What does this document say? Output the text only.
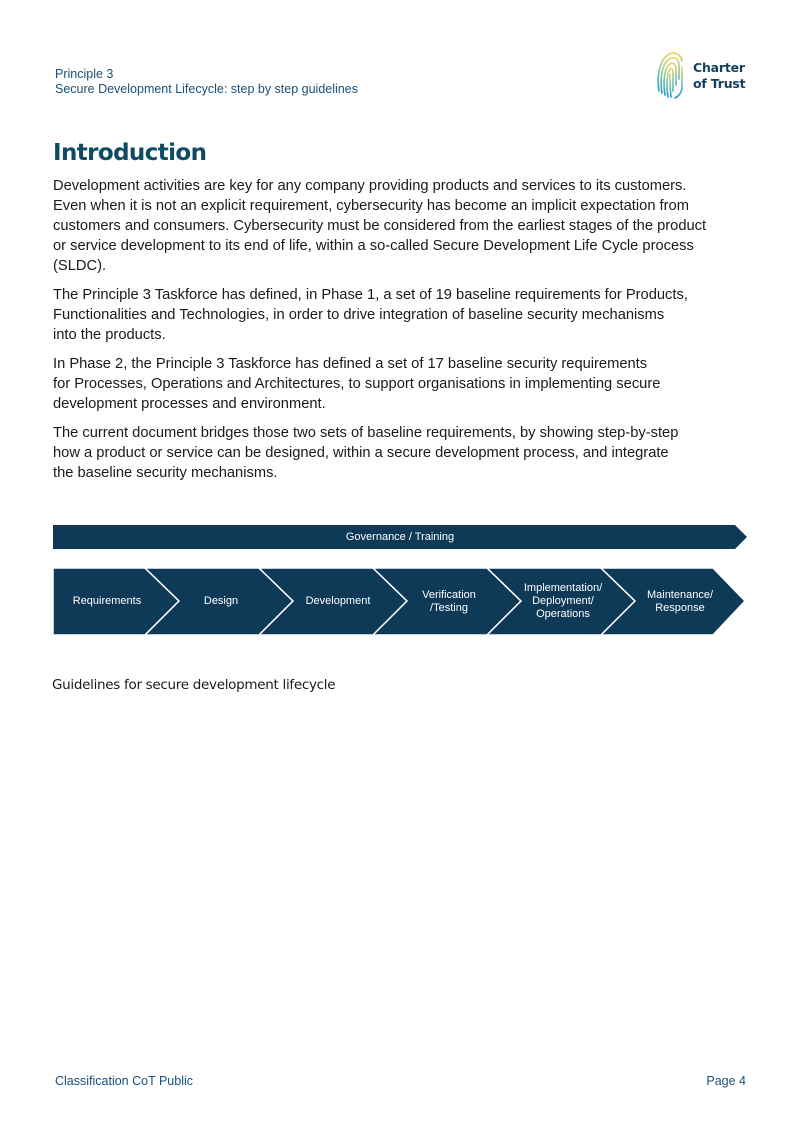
Principle 3
Secure Development Lifecycle: step by step guidelines
Charter
of Trust
Introduction

Development activities are key for any company providing products and services to its customers.
Even when it is not an explicit requirement, cybersecurity has become an implicit expectation from
customers and consumers. Cybersecurity must be considered from the earliest stages of the product
or service development to its end of life, within a so-called Secure Development Life Cycle process
(SLDC).

The Principle 3 Taskforce has defined, in Phase 1, a set of 19 baseline requirements for Products,
Functionalities and Technologies, in order to drive integration of baseline security mechanisms
into the products.

In Phase 2, the Principle 3 Taskforce has defined a set of 17 baseline security requirements
for Processes, Operations and Architectures, to support organisations in implementing secure
development processes and environment.

The current document bridges those two sets of baseline requirements, by showing step-by-step
how a product or service can be designed, within a secure development process, and integrate
the baseline security mechanisms.

Governance / Training
Requirements	Design	Development
Verification
/Testing
Implementation/
Deployment/
Operations
Maintenance/
Response
Guidelines for secure development lifecycle
Classification CoT Public	Page 4
